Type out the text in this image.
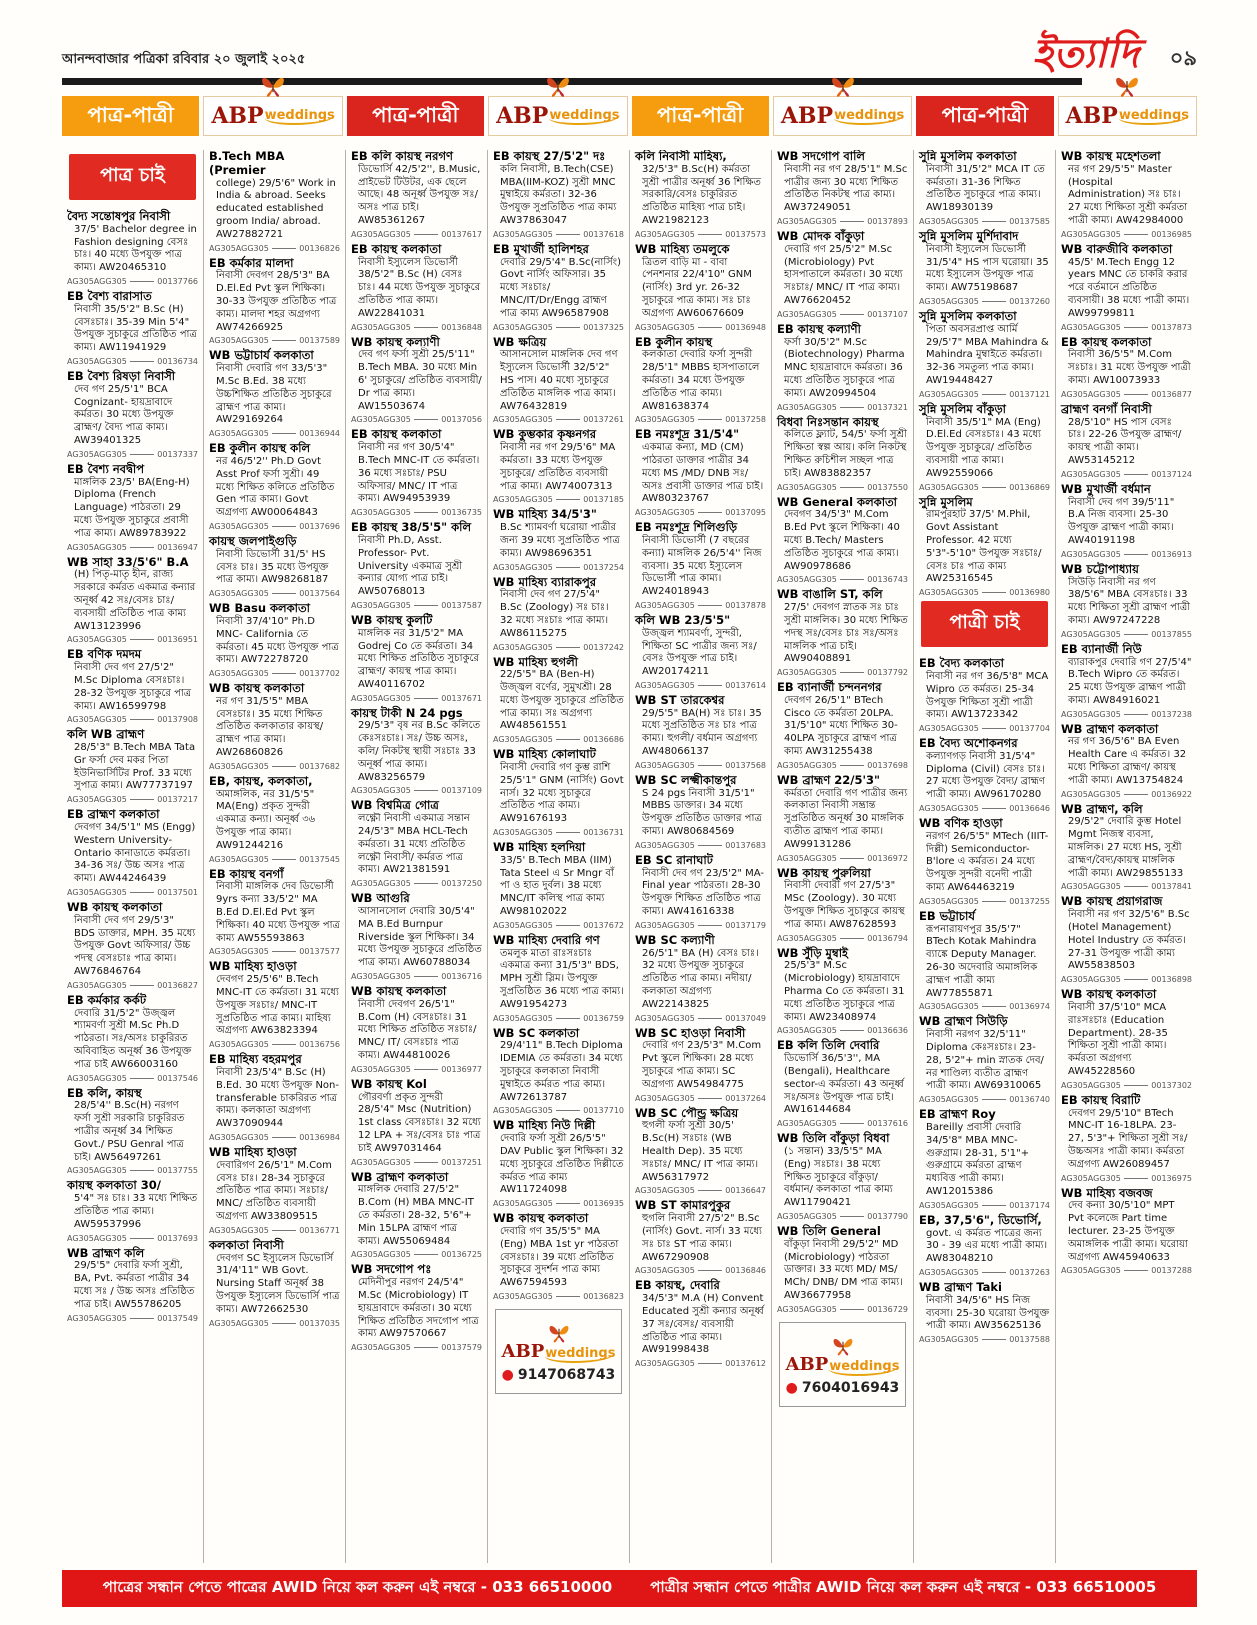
আনন্দবাজার পত্রিকা রবিবার ২০ জুলাই ২০২৫	ইত্যাদি ০৯
পাত্র-পাত্রী ABP weddings পাত্র-পাত্রী ABP weddings পাত্র-পাত্রী ABP weddings পাত্র-পাত্রী ABP weddings
পাত্র চাই
বৈদ্য সন্তোষপুর নিবাসী
37/5' Bachelor degree in Fashion designing বেসঃ চাঃ। 40 মধ্যে উপযুক্ত পাত্র কাম্য। AW20465310
AG305AGG305	00137766
EB বৈশ্য বারাসাত
নিবাসী 35/5'2" B.Sc (H) বেসঃচাঃ। 35-39 Min 5'4" উপযুক্ত সুচাকুরে প্রতিষ্ঠিত পাত্র কাম্য। AW11941929
AG305AGG305	00136734
EB বৈশ্য রিষড়া নিবাসী
দেব গণ 25/5'1" BCA Cognizant- হায়দ্রাবাদে কর্মরত। 30 মধ্যে উপযুক্ত ব্রাহ্মণ/ বৈদ্য পাত্র কাম্য। AW39401325
AG305AGG305	00137337
EB বৈশ্য নবদ্বীপ
মাঙ্গলিক 23/5' BA(Eng-H) Diploma (French Language) পাঠরতা। 29 মধ্যে উপযুক্ত সুচাকুরে প্রবাসী পাত্র কাম্য। AW89783922
AG305AGG305	00136947
WB সাহা 33/5'6" B.A
(H) পিতৃ-মাতৃ হীন, রাজ্য সরকারে কর্মরত একমাত্র কন্যার অনূর্ধ্ব 42 সঃ/বেসঃ চাঃ/ব্যবসায়ী প্রতিষ্ঠিত পাত্র কাম্য AW13123996
AG305AGG305	00136951
EB বণিক দমদম
নিবাসী দেব গণ 27/5'2" M.Sc Diploma বেসঃচাঃ। 28-32 উপযুক্ত সুচাকুরে পাত্র কাম্য। AW16599798
AG305AGG305	00137908
কলি WB ব্রাহ্মণ
28/5'3" B.Tech MBA Tata Gr ফর্সা দেব মকর পিতা ইউনিভার্সিটির Prof. 33 মধ্যে সুপাত্র কাম্য। AW77737197
AG305AGG305	00137217
EB ব্রাহ্মণ কলকাতা
দেবগণ 34/5'1" MS (Engg) Western University- Ontario কানাডাতে কর্মরতা। 34-36 সঃ/ উচ্চ অসঃ পাত্র কাম্য। AW44246439
AG305AGG305	00137501
WB কায়স্থ কলকাতা
নিবাসী দেব গণ 29/5'3" BDS ডাক্তার, MPH. 35 মধ্যে উপযুক্ত Govt অফিসার/ উচ্চ পদস্থ বেসঃচাঃ পাত্র কাম্য। AW76846764
AG305AGG305	00136827
EB কর্মকার কর্কট
দেবারি 31/5'2" উজ্জ্বল শ্যামবর্ণা সুশ্রী M.Sc Ph.D পাঠরতা। সঃ/অসঃ চাকুরিরত অবিবাহিত অনূর্ধ্ব 36 উপযুক্ত পাত্র চাই AW66003160
AG305AGG305	00137546
EB কলি, কায়স্থ
28/5'4'' B.Sc(H) নরগণ ফর্সা সুশ্রী সরকারি চাকুরিরত পাত্রীর অনূর্ধ্ব 34 শিক্ষিত Govt./ PSU Genral পাত্র চাই। AW56497261
AG305AGG305	00137755
কায়স্থ কলকাতা 30/
5'4" সঃ চাঃ। 33 মধ্যে শিক্ষিত প্রতিষ্ঠিত পাত্র কাম্য। AW59537996
AG305AGG305	00137693
WB ব্রাহ্মণ কলি
29/5'5" দেবারি ফর্সা সুশ্রী, BA, Pvt. কর্মরতা পাত্রীর 34 মধ্যে সঃ / উচ্চ অসঃ প্রতিষ্ঠিত পাত্র চাই। AW55786205
AG305AGG305	00137549
B.Tech MBA (Premier
college) 29/5'6" Work in India & abroad. Seeks educated established groom India/ abroad. AW27882721
AG305AGG305	00136826
EB কর্মকার মালদা
নিবাসী দেবগণ 28/5'3" BA D.El.Ed Pvt স্কুল শিক্ষিকা। 30-33 উপযুক্ত প্রতিষ্ঠিত পাত্র কাম্য। মালদা শহর অগ্রগণ্য AW74266925
AG305AGG305	00137589
WB ভট্টাচার্য কলকাতা
নিবাসী দেবারি গণ 33/5'3" M.Sc B.Ed. 38 মধ্যে উচ্চশিক্ষিত প্রতিষ্ঠিত সুচাকুরে ব্রাহ্মণ পাত্র কাম্য। AW29169264
AG305AGG305	00136944
EB কুলীন কায়স্থ কলি
নর 46/5'2'' Ph.D Govt Asst Prof ফর্সা সুশ্রী। 49 মধ্যে শিক্ষিত কলিতে প্রতিষ্ঠিত Gen পাত্র কাম্য। Govt অগ্রগণ্য AW00064843
AG305AGG305	00137696
কায়স্থ জলপাইগুড়ি
নিবাসী ডিভোর্সী 31/5' HS বেসঃ চাঃ। 35 মধ্যে উপযুক্ত পাত্র কাম্য। AW98268187
AG305AGG305	00137564
WB Basu কলকাতা
নিবাসী 37/4'10" Ph.D MNC- California তে কর্মরতা। 45 মধ্যে উপযুক্ত পাত্র কাম্য। AW72278720
AG305AGG305	00137702
WB কায়স্থ কলকাতা
নর গণ 31/5'5" MBA বেসঃচাঃ। 35 মধ্যে শিক্ষিত প্রতিষ্ঠিত কলকাতার কায়স্থ/ ব্রাহ্মণ পাত্র কাম্য। AW26860826
AG305AGG305	00137682
EB, কায়স্থ, কলকাতা,
অমাঙ্গলিক, নর 31/5'5" MA(Eng) প্রকৃত সুন্দরী একমাত্র কন্যা। অনূর্ধ্ব ৩৬ উপযুক্ত পাত্র কাম্য। AW91244216
AG305AGG305	00137545
EB কায়স্থ বনগাঁ
নিবাসী মাঙ্গলিক দেব ডিভোর্সী 9yrs কন্যা 33/5'2" MA B.Ed D.El.Ed Pvt স্কুল শিক্ষিকা। 40 মধ্যে উপযুক্ত পাত্র কাম্য AW55593863
AG305AGG305	00137577
WB মাহিষ্য হাওড়া
দেবগণ 25/5'6" B.Tech MNC-IT তে কর্মরতা। 31 মধ্যে উপযুক্ত সঃচাঃ/ MNC-IT সুপ্রতিষ্ঠিত পাত্র কাম্য। মাহিষ্য অগ্রগণ্য AW63823394
AG305AGG305	00136756
EB মাহিষ্য বহরমপুর
নিবাসী 23/5'4" B.Sc (H) B.Ed. 30 মধ্যে উপযুক্ত Non-transferable চাকরিরত পাত্র কাম্য। কলকাতা অগ্রগণ্য AW37090944
AG305AGG305	00136984
WB মাহিষ্য হাওড়া
দেবারিগণ 26/5'1" M.Com বেসঃ চাঃ। 28-34 সুচাকুরে প্রতিষ্ঠিত পাত্র কাম্য। সঃচাঃ/ MNC/ প্রতিষ্ঠিত ব্যবসায়ী অগ্রগণ্য AW33809515
AG305AGG305	00136771
কলকাতা নিবাসী
দেবগণ SC ইস্যুলেস ডিভোর্সি 31/4'11" WB Govt. Nursing Staff অনূর্ধ্ব 38 উপযুক্ত ইস্যুলেস ডিভোর্সি পাত্র কাম্য। AW72662530
AG305AGG305	00137035
EB কলি কায়স্থ নরগণ
ডিভোর্সি 42/5'2'', B.Music, প্রাইভেট টিউটর, এক ছেলে আছে। 48 অনূর্ধ্ব উপযুক্ত সঃ/অসঃ পাত্র চাই। AW85361267
AG305AGG305	00137617
EB কায়স্থ কলকাতা
নিবাসী ইস্যুলেস ডিভোর্সী 38/5'2" B.Sc (H) বেসঃ চাঃ। 44 মধ্যে উপযুক্ত সুচাকুরে প্রতিষ্ঠিত পাত্র কাম্য। AW22841031
AG305AGG305	00136848
WB কায়স্থ কল্যাণী
দেব গণ ফর্সা সুশ্রী 25/5'11" B.Tech MBA. 30 মধ্যে Min 6' সুচাকুরে/ প্রতিষ্ঠিত ব্যবসায়ী/ Dr পাত্র কাম্য। AW15503674
AG305AGG305	00137056
EB কায়স্থ কলকাতা
নিবাসী নর গণ 30/5'4" B.Tech MNC-IT তে কর্মরতা। 36 মধ্যে সঃচাঃ/ PSU অফিসার/ MNC/ IT পাত্র কাম্য। AW94953939
AG305AGG305	00136735
EB কায়স্থ 38/5'5" কলি
নিবাসী Ph.D, Asst. Professor- Pvt. University একমাত্র সুশ্রী কন্যার যোগ্য পাত্র চাই। AW50768013
AG305AGG305	00137587
WB কায়স্থ কুলটি
মাঙ্গলিক নর 31/5'2" MA Godrej Co তে কর্মরতা। 34 মধ্যে শিক্ষিত প্রতিষ্ঠিত সুচাকুরে ব্রাহ্মণ/ কায়স্থ পাত্র কাম্য। AW40116702
AG305AGG305	00137671
কায়স্থ টাকী N 24 pgs
29/5'3" বৃষ নর B.Sc কলিতে কেঃসঃচাঃ। সঃ/ উচ্চ অসঃ, কলি/ নিকটস্থ স্থায়ী সঃচাঃ 33 অনূর্ধ্ব পাত্র কাম্য। AW83256579
AG305AGG305	00137109
WB বিশ্বমিত্র গোত্র
লক্ষ্ণৌ নিবাসী একমাত্র সন্তান 24/5'3" MBA HCL-Tech কর্মরতা। 31 মধ্যে প্রতিষ্ঠিত লক্ষ্ণৌ নিবাসী/ কর্মরত পাত্র কাম্য। AW21381591
AG305AGG305	00137250
WB আগুরি
আসানসোল দেবারি 30/5'4" MA B.Ed Burnpur Riverside স্কুল শিক্ষিকা। 34 মধ্যে উপযুক্ত সুচাকুরে প্রতিষ্ঠিত পাত্র কাম্য। AW60788034
AG305AGG305	00136716
WB কায়স্থ কলকাতা
নিবাসী দেবগণ 26/5'1" B.Com (H) বেসঃচাঃ। 31 মধ্যে শিক্ষিত প্রতিষ্ঠিত সঃচাঃ/ MNC/ IT/ বেসঃচাঃ পাত্র কাম্য। AW44810026
AG305AGG305	00136977
WB কায়স্থ Kol
গৌরবর্ণা প্রকৃত সুন্দরী 28/5'4" Msc (Nutrition) 1st class বেসঃচাঃ। 32 মধ্যে 12 LPA + সঃ/বেসঃ চাঃ পাত্র চাই AW97031464
AG305AGG305	00137251
WB ব্রাহ্মণ কলকাতা
মাঙ্গলিক দেবারি 27/5'2" B.Com (H) MBA MNC-IT তে কর্মরতা। 28-32, 5'6"+ Min 15LPA ব্রাহ্মণ পাত্র কাম্য। AW55069484
AG305AGG305	00136725
WB সদগোপ পঃ
মেদিনীপুর নরগণ 24/5'4" M.Sc (Microbiology) IT হায়দ্রাবাদে কর্মরতা। 30 মধ্যে শিক্ষিত প্রতিষ্ঠিত সদগোপ পাত্র কাম্য AW97570667
AG305AGG305	00137579
EB কায়স্থ 27/5'2" দঃ
কলি নিবাসী, B.Tech(CSE) MBA(IIM-KOZ) সুশ্রী MNC মুম্বাইয়ে কর্মরতা। 32-36 উপযুক্ত সুপ্রতিষ্ঠিত পাত্র কাম্য AW37863047
AG305AGG305	00137618
EB মুখার্জী হালিশহর
দেবারি 29/5'4" B.Sc(নার্সিং) Govt নার্সিং অফিসার। 35 মধ্যে সঃচাঃ/ MNC/IT/Dr/Engg ব্রাহ্মণ পাত্র কাম্য AW96587908
AG305AGG305	00137325
WB ক্ষত্রিয়
আসানসোল মাঙ্গলিক দেব গণ ইস্যুলেস ডিভোর্সী 32/5'2" HS পাস। 40 মধ্যে সুচাকুরে প্রতিষ্ঠিত মাঙ্গলিক পাত্র কাম্য। AW76432819
AG305AGG305	00137261
WB কুম্ভকার কৃষ্ণনগর
নিবাসী নর গণ 29/5'6" MA কর্মরতা। 33 মধ্যে উপযুক্ত সুচাকুরে/ প্রতিষ্ঠিত ব্যবসায়ী পাত্র কাম্য। AW74007313
AG305AGG305	00137185
WB মাহিষ্য 34/5'3"
B.Sc শ্যামবর্ণা ঘরোয়া পাত্রীর জন্য 39 মধ্যে সুপ্রতিষ্ঠিত পাত্র কাম্য। AW98696351
AG305AGG305	00137254
WB মাহিষ্য ব্যারাকপুর
নিবাসী দেব গণ 27/5'4" B.Sc (Zoology) সঃ চাঃ। 32 মধ্যে সঃচাঃ পাত্র কাম্য। AW86115275
AG305AGG305	00137242
WB মাহিষ্য হুগলী
22/5'5" BA (Ben-H) উজ্জ্বল বর্ণের, সুমুখশ্রী। 28 মধ্যে উপযুক্ত সুচাকুরে প্রতিষ্ঠিত পাত্র কাম্য। সঃ অগ্রগণ্য AW48561551
AG305AGG305	00136686
WB মাহিষ্য কোলাঘাট
নিবাসী দেবারি গণ কুম্ভ রাশি 25/5'1" GNM (নার্সিং) Govt নার্স। 32 মধ্যে সুচাকুরে প্রতিষ্ঠিত পাত্র কাম্য। AW91676193
AG305AGG305	00136731
WB মাহিষ্য হলদিয়া
33/5' B.Tech MBA (IIM) Tata Steel এ Sr Mngr বাঁ পা ও হাত দুর্বল। 38 মধ্যে MNC/IT কলিস্থ পাত্র কাম্য AW98102022
AG305AGG305	00137672
WB মাহিষ্য দেবারি গণ
তমলুক মাতা রাঃসঃচাঃ একমাত্র কন্যা 31/5'3" BDS, MPH সুশ্রী স্লিম। উপযুক্ত সুপ্রতিষ্ঠিত 36 মধ্যে পাত্র কাম্য। AW91954273
AG305AGG305	00136759
WB SC কলকাতা
29/4'11" B.Tech Diploma IDEMIA তে কর্মরতা। 34 মধ্যে সুচাকুরে কলকাতা নিবাসী মুম্বাইতে কর্মরত পাত্র কাম্য। AW72613787
AG305AGG305	00137710
WB মাহিষ্য নিউ দিল্লী
দেবারি ফর্সা সুশ্রী 26/5'5" DAV Public স্কুল শিক্ষিকা। 32 মধ্যে সুচাকুরে প্রতিষ্ঠিত দিল্লীতে কর্মরত পাত্র কাম্য AW11724098
AG305AGG305	00136935
WB কায়স্থ কলকাতা
দেবারি গণ 35/5'5" MA (Eng) MBA 1st yr পাঠরতা বেসঃচাঃ। 39 মধ্যে প্রতিষ্ঠিত সুচাকুরে সুদর্শন পাত্র কাম্য AW67594593
AG305AGG305	00136823
ABPweddings
● 9147068743
কলি নিবাসী মাহিষ্য,
32/5'3" B.Sc(H) কর্মরতা সুশ্রী পাত্রীর অনূর্ধ্ব 36 শিক্ষিত সরকারি/বেসঃ চাকুরিরত প্রতিষ্ঠিত মাহিষ্য পাত্র চাই। AW21982123
AG305AGG305	00137573
WB মাহিষ্য তমলুকে
ত্রিতল বাড়ি মা - বাবা পেনশনার 22/4'10" GNM (নার্সিং) 3rd yr. 26-32 সুচাকুরে পাত্র কাম্য। সঃ চাঃ অগ্রগণ্য AW60676609
AG305AGG305	00136948
EB কুলীন কায়স্থ
কলকাতা দেবারি ফর্সা সুন্দরী 28/5'1" MBBS হাসপাতালে কর্মরতা। 34 মধ্যে উপযুক্ত প্রতিষ্ঠিত পাত্র কাম্য। AW81638374
AG305AGG305	00137258
EB নমঃশূদ্র 31/5'4"
একমাত্র কন্যা, MD (CM) পাঠরতা ডাক্তার পাত্রীর 34 মধ্যে MS /MD/ DNB সঃ/অসঃ প্রবাসী ডাক্তার পাত্র চাই। AW80323767
AG305AGG305	00137095
EB নমঃশূদ্র শিলিগুড়ি
নিবাসী ডিভোর্সী (7 বছরের কন্যা) মাঙ্গলিক 26/5'4'' নিজ ব্যবসা। 35 মধ্যে ইস্যুলেস ডিভোর্সী পাত্র কাম্য। AW24018943
AG305AGG305	00137878
কলি WB 23/5'5"
উজ্জ্বল শ্যামবর্ণা, সুন্দরী, শিক্ষিতা SC পাত্রীর জন্য সঃ/বেসঃ উপযুক্ত পাত্র চাই। AW20174211
AG305AGG305	00137614
WB ST তারকেশ্বর
29/5'5" BA(H) সঃ চাঃ। 35 মধ্যে সুপ্রতিষ্ঠিত সঃ চাঃ পাত্র কাম্য। হুগলী/ বর্ধমান অগ্রগণ্য AW48066137
AG305AGG305	00137568
WB SC লক্ষ্মীকান্তপুর
S 24 pgs নিবাসী 31/5'1" MBBS ডাক্তার। 34 মধ্যে উপযুক্ত প্রতিষ্ঠিত ডাক্তার পাত্র কাম্য। AW80684569
AG305AGG305	00137683
EB SC রানাঘাট
নিবাসী দেব গণ 23/5'2" MA- Final year পাঠরতা। 28-30 উপযুক্ত শিক্ষিত প্রতিষ্ঠিত পাত্র কাম্য। AW41616338
AG305AGG305	00137179
WB SC কল্যাণী
26/5'1" BA (H) বেসঃ চাঃ। 32 মধ্যে উপযুক্ত সুচাকুরে প্রতিষ্ঠিত পাত্র কাম্য। নদীয়া/ কলকাতা অগ্রগণ্য AW22143825
AG305AGG305	00137049
WB SC হাওড়া নিবাসী
দেবারি গণ 23/5'3" M.Com Pvt স্কুলে শিক্ষিকা। 28 মধ্যে সুচাকুরে পাত্র কাম্য। SC অগ্রগণ্য AW54984775
AG305AGG305	00137264
WB SC পৌন্ড্র ক্ষত্রিয়
হুগলী ফর্সা সুশ্রী 30/5' B.Sc(H) সঃচাঃ (WB Health Dep). 35 মধ্যে সঃচাঃ/ MNC/ IT পাত্র কাম্য। AW56317972
AG305AGG305	00136647
WB ST কামারপুকুর
হুগলি নিবাসী 27/5'2" B.Sc (নার্সিং) Govt. নার্স। 33 মধ্যে সঃ চাঃ ST পাত্র কাম্য। AW67290908
AG305AGG305	00136846
EB কায়স্থ, দেবারি
34/5'3" M.A (H) Convent Educated সুশ্রী কন্যার অনূর্ধ্ব 37 সঃ/বেসঃ/ ব্যবসায়ী প্রতিষ্ঠিত পাত্র কাম্য। AW91998438
AG305AGG305	00137612
WB সদগোপ বালি
নিবাসী নর গণ 28/5'1" M.Sc পাত্রীর জন্য 30 মধ্যে শিক্ষিত প্রতিষ্ঠিত নিকটস্থ পাত্র কাম্য। AW37249051
AG305AGG305	00137893
WB মোদক বাঁকুড়া
দেবারি গণ 25/5'2" M.Sc (Microbiology) Pvt হাসপাতালে কর্মরতা। 30 মধ্যে সঃচাঃ/ MNC/ IT পাত্র কাম্য। AW76620452
AG305AGG305	00137107
EB কায়স্থ কল্যাণী
ফর্সা 30/5'2" M.Sc (Biotechnology) Pharma MNC হায়দ্রাবাদে কর্মরতা। 36 মধ্যে প্রতিষ্ঠিত সুচাকুরে পাত্র কাম্য। AW20994504
AG305AGG305	00137321
বিধবা নিঃসন্তান কায়স্থ
কলিতে ফ্ল্যাট, 54/5' ফর্সা সুশ্রী শিক্ষিতা স্বল্প আয়। কলি নিকটস্থ শিক্ষিত রুচিশীল সচ্ছল পাত্র চাই। AW83882357
AG305AGG305	00137550
WB General কলকাতা
দেবগণ 34/5'3" M.Com B.Ed Pvt স্কুলে শিক্ষিকা। 40 মধ্যে B.Tech/ Masters প্রতিষ্ঠিত সুচাকুরে পাত্র কাম্য। AW90978686
AG305AGG305	00136743
WB বাঙালি ST, কলি
27/5' দেবগণ স্নাতক সঃ চাঃ সুশ্রী মাঙ্গলিক। 30 মধ্যে শিক্ষিত পদস্থ সঃ/বেসঃ চাঃ সঃ/অসঃ মাঙ্গলিক পাত্র চাই। AW90408891
AG305AGG305	00137792
EB ব্যানার্জী চন্দননগর
দেবগণ 26/5'1" BTech Cisco তে কর্মরতা 20LPA. 31/5'10" মধ্যে শিক্ষিত 30-40LPA সুচাকুরে ব্রাহ্মণ পাত্র কাম্য AW31255438
AG305AGG305	00137698
WB ব্রাহ্মণ 22/5'3"
কর্মরতা দেবারি গণ পাত্রীর জন্য কলকাতা নিবাসী সম্ভ্রান্ত সুপ্রতিষ্ঠিত অনূর্ধ্ব 30 মাঙ্গলিক ব্যতীত ব্রাহ্মণ পাত্র কাম্য। AW99131286
AG305AGG305	00136972
WB কায়স্থ পুরুলিয়া
নিবাসী দেবারী গণ 27/5'3" MSc (Zoology). 30 মধ্যে উপযুক্ত শিক্ষিত সুচাকুরে কায়স্থ পাত্র কাম্য। AW87628593
AG305AGG305	00136794
WB সুঁড়ি মুম্বাই
25/5'3" M.Sc (Microbiology) হায়দ্রাবাদে Pharma Co তে কর্মরতা। 31 মধ্যে প্রতিষ্ঠিত সুচাকুরে পাত্র কাম্য। AW23408974
AG305AGG305	00136636
EB কলি তিলি দেবারি
ডিভোর্সি 36/5'3'', MA (Bengali), Healthcare sector-এ কর্মরতা। 43 অনূর্ধ্ব সঃ/অসঃ উপযুক্ত পাত্র চাই। AW16144684
AG305AGG305	00137616
WB তিলি বাঁকুড়া বিধবা
(১ সন্তান) 33/5'5" MA (Eng) সঃচাঃ। 38 মধ্যে শিক্ষিত সুচাকুরে বাঁকুড়া/ বর্ধমান/ কলকাতা পাত্র কাম্য AW11790421
AG305AGG305	00137790
WB তিলি General
বাঁকুড়া নিবাসী 29/5'2" MD (Microbiology) পাঠরতা ডাক্তার। 33 মধ্যে MD/ MS/ MCh/ DNB/ DM পাত্র কাম্য। AW36677958
AG305AGG305	00136729
ABPweddings
● 7604016943
সুন্নি মুসলিম কলকাতা
নিবাসী 31/5'2" MCA IT তে কর্মরতা। 31-36 শিক্ষিত প্রতিষ্ঠিত সুচাকুরে পাত্র কাম্য। AW18930139
AG305AGG305	00137585
সুন্নি মুসলিম মুর্শিদাবাদ
নিবাসী ইস্যুলেস ডিভোর্সী 31/5'4" HS পাস ঘরোয়া। 35 মধ্যে ইস্যুলেস উপযুক্ত পাত্র কাম্য। AW75198687
AG305AGG305	00137260
সুন্নি মুসলিম কলকাতা
পিতা অবসরপ্রাপ্ত আর্মি 29/5'7" MBA Mahindra & Mahindra মুম্বাইতে কর্মরতা। 32-36 সমতুল্য পাত্র কাম্য। AW19448427
AG305AGG305	00137121
সুন্নি মুসলিম বাঁকুড়া
নিবাসী 35/5'1" MA (Eng) D.El.Ed বেসঃচাঃ। 43 মধ্যে উপযুক্ত সুচাকুরে/ প্রতিষ্ঠিত ব্যবসায়ী পাত্র কাম্য। AW92559066
AG305AGG305	00136869
সুন্নি মুসলিম
রামপুরহাট 37/5' M.Phil, Govt Assistant Professor. 42 মধ্যে 5'3"-5'10" উপযুক্ত সঃচাঃ/ বেসঃ চাঃ পাত্র কাম্য AW25316545
AG305AGG305	00136980
পাত্রী চাই
EB বৈদ্য কলকাতা
নিবাসী নর গণ 36/5'8" MCA Wipro তে কর্মরত। 25-34 উপযুক্ত শিক্ষিতা সুশ্রী পাত্রী কাম্য। AW13723342
AG305AGG305	00137704
EB বৈদ্য অশোকনগর
কল্যাণগড় নিবাসী 31/5'4" Diploma (Civil) বেসঃ চাঃ। 27 মধ্যে উপযুক্ত বৈদ্য/ ব্রাহ্মণ পাত্রী কাম্য। AW96170280
AG305AGG305	00136646
WB বণিক হাওড়া
নরগণ 26/5'5" MTech (IIIT-দিল্লী) Semiconductor- B'lore এ কর্মরত। 24 মধ্যে উপযুক্ত সুন্দরী বনেদী পাত্রী কাম্য AW64463219
AG305AGG305	00137255
EB ভট্টাচার্য
রূপনারায়ণপুর 35/5'7" BTech Kotak Mahindra ব্যাঙ্কে Deputy Manager. 26-30 অদেবারি অমাঙ্গলিক ব্রাহ্মণ পাত্রী কাম্য AW77855871
AG305AGG305	00136974
WB ব্রাহ্মণ সিউড়ি
নিবাসী নরগণ 32/5'11" Diploma কেঃসঃচাঃ। 23-28, 5'2"+ min স্নাতক দেব/নর শাণ্ডিল্য ব্যতীত ব্রাহ্মণ পাত্রী কাম্য। AW69310065
AG305AGG305	00136740
EB ব্রাহ্মণ Roy
Bareilly প্রবাসী দেবারি 34/5'8" MBA MNC-গুরুগ্রাম। 28-31, 5'1"+ গুরুগ্রামে কর্মরতা ব্রাহ্মণ মধ্যবিত্ত পাত্রী কাম্য। AW12015386
AG305AGG305	00137174
EB, 37,5'6", ডিভোর্সি,
govt. এ কর্মরত পাত্রের জন্য 30 - 39 এর মধ্যে পাত্রী কাম্য। AW83048210
AG305AGG305	00137263
WB ব্রাহ্মণ Taki
নিবাসী 34/5'6" HS নিজ ব্যবসা। 25-30 ঘরোয়া উপযুক্ত পাত্রী কাম্য। AW35625136
AG305AGG305	00137588
WB কায়স্থ মহেশতলা
নর গণ 29/5'5" Master (Hospital Administration) সঃ চাঃ। 27 মধ্যে শিক্ষিতা সুশ্রী কর্মরতা পাত্রী কাম্য। AW42984000
AG305AGG305	00136985
WB বারুজীবি কলকাতা
45/5' M.Tech Engg 12 years MNC তে চাকরি করার পরে বর্তমানে প্রতিষ্ঠিত ব্যবসায়ী। 38 মধ্যে পাত্রী কাম্য। AW99799811
AG305AGG305	00137873
EB কায়স্থ কলকাতা
নিবাসী 36/5'5" M.Com সঃচাঃ। 31 মধ্যে উপযুক্ত পাত্রী কাম্য। AW10073933
AG305AGG305	00136877
ব্রাহ্মণ বনগাঁ নিবাসী
28/5'10" HS পাস বেসঃ চাঃ। 22-26 উপযুক্ত ব্রাহ্মণ/ কায়স্থ পাত্রী কাম্য। AW53145212
AG305AGG305	00137124
WB মুখার্জী বর্ধমান
নিবাসী দেব গণ 39/5'11" B.A নিজ ব্যবসা। 25-30 উপযুক্ত ব্রাহ্মণ পাত্রী কাম্য। AW40191198
AG305AGG305	00136913
WB চট্টোপাধ্যায়
সিউড়ি নিবাসী নর গণ 38/5'6" MBA বেসঃচাঃ। 33 মধ্যে শিক্ষিতা সুশ্রী ব্রাহ্মণ পাত্রী কাম্য। AW97247228
AG305AGG305	00137855
EB ব্যানার্জী নিউ
ব্যারাকপুর দেবারি গণ 27/5'4" B.Tech Wipro তে কর্মরত। 25 মধ্যে উপযুক্ত ব্রাহ্মণ পাত্রী কাম্য। AW84916021
AG305AGG305	00137238
WB ব্রাহ্মণ কলকাতা
নর গণ 36/5'6" BA Even Health Care এ কর্মরত। 32 মধ্যে শিক্ষিতা ব্রাহ্মণ/ কায়স্থ পাত্রী কাম্য। AW13754824
AG305AGG305	00136922
WB ব্রাহ্মণ, কলি
29/5'2" দেবারি কুম্ভ Hotel Mgmt নিজস্ব ব্যবসা, মাঙ্গলিক। 27 মধ্যে HS, সুশ্রী ব্রাহ্মণ/বৈদ্য/কায়স্থ মাঙ্গলিক পাত্রী কাম্য। AW29855133
AG305AGG305	00137841
WB কায়স্থ প্রয়াগরাজ
নিবাসী নর গণ 32/5'6" B.Sc (Hotel Management) Hotel Industry তে কর্মরত। 27-31 উপযুক্ত পাত্রী কাম্য AW55838503
AG305AGG305	00136898
WB কায়স্থ কলকাতা
নিবাসী 37/5'10" MCA রাঃসঃচাঃ (Education Department). 28-35 শিক্ষিতা সুশ্রী পাত্রী কাম্য। কর্মরতা অগ্রগণ্য AW45228560
AG305AGG305	00137302
EB কায়স্থ বিরাটি
দেবগণ 29/5'10" BTech MNC-IT 16-18LPA. 23-27, 5'3"+ শিক্ষিতা সুশ্রী সঃ/উচ্চঅসঃ পাত্রী কাম্য। কর্মরতা অগ্রগণ্য AW26089457
AG305AGG305	00136975
WB মাহিষ্য বজবজ
দেব কন্যা 30/5'10" MPT Pvt কলেজে Part time lecturer. 23-25 উপযুক্ত অমাঙ্গলিক পাত্রী কাম্য। ঘরোয়া অগ্রগণ্য AW45940633
AG305AGG305	00137288
পাত্রের সন্ধান পেতে পাত্রের AWID নিয়ে কল করুন এই নম্বরে - 033 66510000	পাত্রীর সন্ধান পেতে পাত্রীর AWID নিয়ে কল করুন এই নম্বরে - 033 66510005
